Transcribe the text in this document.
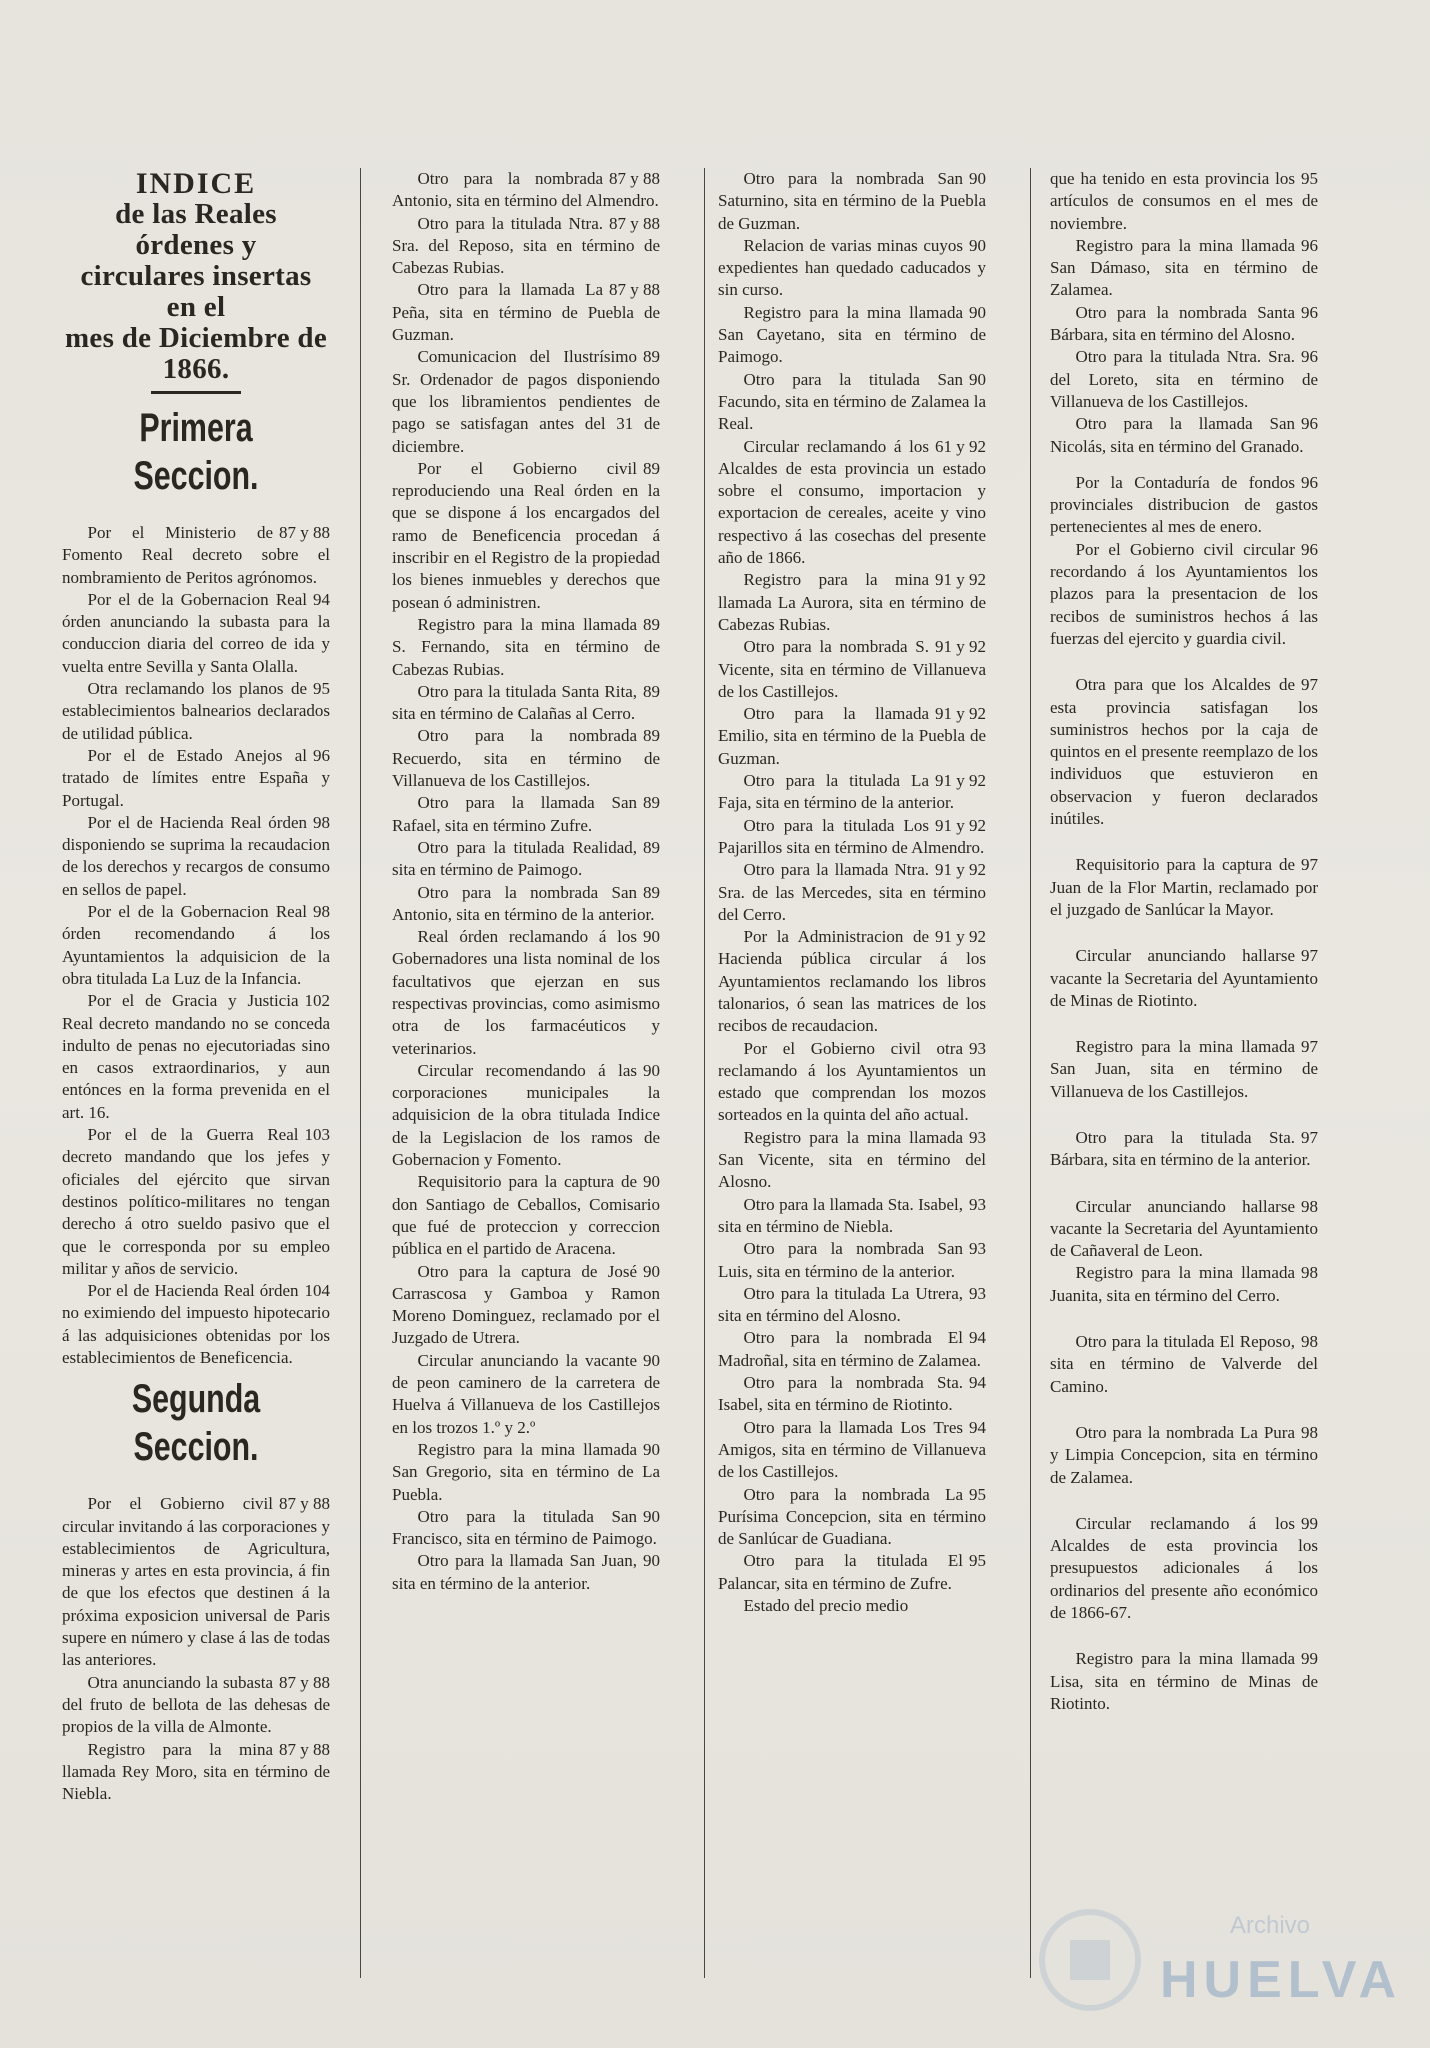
INDICE
de las Reales órdenes y
circulares insertas en el
mes de Diciembre de
1866.
Primera Seccion.

87 y 88
Por el Ministerio de Fomento Real decreto sobre el nombramiento de Peritos agrónomos.

94
Por el de la Gobernacion Real órden anunciando la subasta para la conduccion diaria del correo de ida y vuelta entre Sevilla y Santa Olalla.

95
Otra reclamando los planos de establecimientos balnearios declarados de utilidad pública.

96
Por el de Estado Anejos al tratado de límites entre España y Portugal.

98
Por el de Hacienda Real órden disponiendo se suprima la recaudacion de los derechos y recargos de consumo en sellos de papel.

98
Por el de la Gobernacion Real órden recomendando á los Ayuntamientos la adquisicion de la obra titulada La Luz de la Infancia.

102
Por el de Gracia y Justicia Real decreto mandando no se conceda indulto de penas no ejecutoriadas sino en casos extraordinarios, y aun entónces en la forma prevenida en el art. 16.

103
Por el de la Guerra Real decreto mandando que los jefes y oficiales del ejército que sirvan destinos político-militares no tengan derecho á otro sueldo pasivo que el que le corresponda por su empleo militar y años de servicio.

104
Por el de Hacienda Real órden no eximiendo del impuesto hipotecario á las adquisiciones obtenidas por los establecimientos de Beneficencia.

Segunda Seccion.

87 y 88
Por el Gobierno civil circular invitando á las corporaciones y establecimientos de Agricultura, mineras y artes en esta provincia, á fin de que los efectos que destinen á la próxima exposicion universal de Paris supere en número y clase á las de todas las anteriores.

87 y 88
Otra anunciando la subasta del fruto de bellota de las dehesas de propios de la villa de Almonte.

87 y 88
Registro para la mina llamada Rey Moro, sita en término de Niebla.

87 y 88
Otro para la nombrada Antonio, sita en término del Almendro.

87 y 88
Otro para la titulada Ntra. Sra. del Reposo, sita en término de Cabezas Rubias.

87 y 88
Otro para la llamada La Peña, sita en término de Puebla de Guzman.

89
Comunicacion del Ilustrísimo Sr. Ordenador de pagos disponiendo que los libramientos pendientes de pago se satisfagan antes del 31 de diciembre.

89
Por el Gobierno civil reproduciendo una Real órden en la que se dispone á los encargados del ramo de Beneficencia procedan á inscribir en el Registro de la propiedad los bienes inmuebles y derechos que posean ó administren.

89
Registro para la mina llamada S. Fernando, sita en término de Cabezas Rubias.

89
Otro para la titulada Santa Rita, sita en término de Calañas al Cerro.

89
Otro para la nombrada Recuerdo, sita en término de Villanueva de los Castillejos.

89
Otro para la llamada San Rafael, sita en término Zufre.

89
Otro para la titulada Realidad, sita en término de Paimogo.

89
Otro para la nombrada San Antonio, sita en término de la anterior.

90
Real órden reclamando á los Gobernadores una lista nominal de los facultativos que ejerzan en sus respectivas provincias, como asimismo otra de los farmacéuticos y veterinarios.

90
Circular recomendando á las corporaciones municipales la adquisicion de la obra titulada Indice de la Legislacion de los ramos de Gobernacion y Fomento.

90
Requisitorio para la captura de don Santiago de Ceballos, Comisario que fué de proteccion y correccion pública en el partido de Aracena.

90
Otro para la captura de José Carrascosa y Gamboa y Ramon Moreno Dominguez, reclamado por el Juzgado de Utrera.

90
Circular anunciando la vacante de peon caminero de la carretera de Huelva á Villanueva de los Castillejos en los trozos 1.º y 2.º

90
Registro para la mina llamada San Gregorio, sita en término de La Puebla.

90
Otro para la titulada San Francisco, sita en término de Paimogo.

90
Otro para la llamada San Juan, sita en término de la anterior.

90
Otro para la nombrada San Saturnino, sita en término de la Puebla de Guzman.

90
Relacion de varias minas cuyos expedientes han quedado caducados y sin curso.

90
Registro para la mina llamada San Cayetano, sita en término de Paimogo.

90
Otro para la titulada San Facundo, sita en término de Zalamea la Real.

61 y 92
Circular reclamando á los Alcaldes de esta provincia un estado sobre el consumo, importacion y exportacion de cereales, aceite y vino respectivo á las cosechas del presente año de 1866.

91 y 92
Registro para la mina llamada La Aurora, sita en término de Cabezas Rubias.

91 y 92
Otro para la nombrada S. Vicente, sita en término de Villanueva de los Castillejos.

91 y 92
Otro para la llamada Emilio, sita en término de la Puebla de Guzman.

91 y 92
Otro para la titulada La Faja, sita en término de la anterior.

91 y 92
Otro para la titulada Los Pajarillos sita en término de Almendro.

91 y 92
Otro para la llamada Ntra. Sra. de las Mercedes, sita en término del Cerro.

91 y 92
Por la Administracion de Hacienda pública circular á los Ayuntamientos reclamando los libros talonarios, ó sean las matrices de los recibos de recaudacion.

93
Por el Gobierno civil otra reclamando á los Ayuntamientos un estado que comprendan los mozos sorteados en la quinta del año actual.

93
Registro para la mina llamada San Vicente, sita en término del Alosno.

93
Otro para la llamada Sta. Isabel, sita en término de Niebla.

93
Otro para la nombrada San Luis, sita en término de la anterior.

93
Otro para la titulada La Utrera, sita en término del Alosno.

94
Otro para la nombrada El Madroñal, sita en término de Zalamea.

94
Otro para la nombrada Sta. Isabel, sita en término de Riotinto.

94
Otro para la llamada Los Tres Amigos, sita en término de Villanueva de los Castillejos.

95
Otro para la nombrada La Purísima Concepcion, sita en término de Sanlúcar de Guadiana.

95
Otro para la titulada El Palancar, sita en término de Zufre.

Estado del precio medio

95
que ha tenido en esta provincia los artículos de consumos en el mes de noviembre.

96
Registro para la mina llamada San Dámaso, sita en término de Zalamea.

96
Otro para la nombrada Santa Bárbara, sita en término del Alosno.

96
Otro para la titulada Ntra. Sra. del Loreto, sita en término de Villanueva de los Castillejos.

96
Otro para la llamada San Nicolás, sita en término del Granado.

96
Por la Contaduría de fondos provinciales distribucion de gastos pertenecientes al mes de enero.

96
Por el Gobierno civil circular recordando á los Ayuntamientos los plazos para la presentacion de los recibos de suministros hechos á las fuerzas del ejercito y guardia civil.

97
Otra para que los Alcaldes de esta provincia satisfagan los suministros hechos por la caja de quintos en el presente reemplazo de los individuos que estuvieron en observacion y fueron declarados inútiles.

97
Requisitorio para la captura de Juan de la Flor Martin, reclamado por el juzgado de Sanlúcar la Mayor.

97
Circular anunciando hallarse vacante la Secretaria del Ayuntamiento de Minas de Riotinto.

97
Registro para la mina llamada San Juan, sita en término de Villanueva de los Castillejos.

97
Otro para la titulada Sta. Bárbara, sita en término de la anterior.

98
Circular anunciando hallarse vacante la Secretaria del Ayuntamiento de Cañaveral de Leon.

98
Registro para la mina llamada Juanita, sita en término del Cerro.

98
Otro para la titulada El Reposo, sita en término de Valverde del Camino.

98
Otro para la nombrada La Pura y Limpia Concepcion, sita en término de Zalamea.

99
Circular reclamando á los Alcaldes de esta provincia los presupuestos adicionales á los ordinarios del presente año económico de 1866-67.

99
Registro para la mina llamada Lisa, sita en término de Minas de Riotinto.

Archivo
HUELVA
